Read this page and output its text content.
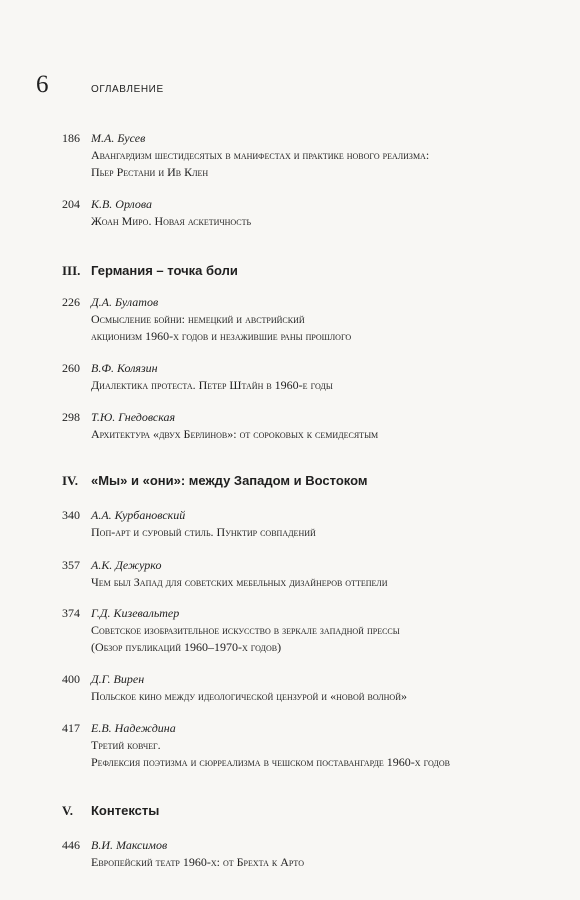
6	ОГЛАВЛЕНИЕ
186 М.А. Бусев
Авангардизм шестидесятых в манифестах и практике нового реализма:
Пьер Рестани и Ив Клен
204 К.В. Орлова
Жоан Миро. Новая аскетичность
III. Германия – точка боли
226 Д.А. Булатов
Осмысление бойни: немецкий и австрийский
акционизм 1960-х годов и незажившие раны прошлого
260 В.Ф. Колязин
Диалектика протеста. Петер Штайн в 1960-е годы
298 Т.Ю. Гнедовская
Архитектура «двух Берлинов»: от сороковых к семидесятым
IV. «Мы» и «они»: между Западом и Востоком
340 А.А. Курбановский
Поп-арт и суровый стиль. Пунктир совпадений
357 А.К. Дежурко
Чем был Запад для советских мебельных дизайнеров оттепели
374 Г.Д. Кизевальтер
Советское изобразительное искусство в зеркале западной прессы
(Обзор публикаций 1960–1970-х годов)
400 Д.Г. Вирен
Польское кино между идеологической цензурой и «новой волной»
417 Е.В. Надеждина
Третий ковчег.
Рефлексия поэтизма и сюрреализма в чешском поставангарде 1960-х годов
V. Контексты
446 В.И. Максимов
Европейский театр 1960-х: от Брехта к Арто
